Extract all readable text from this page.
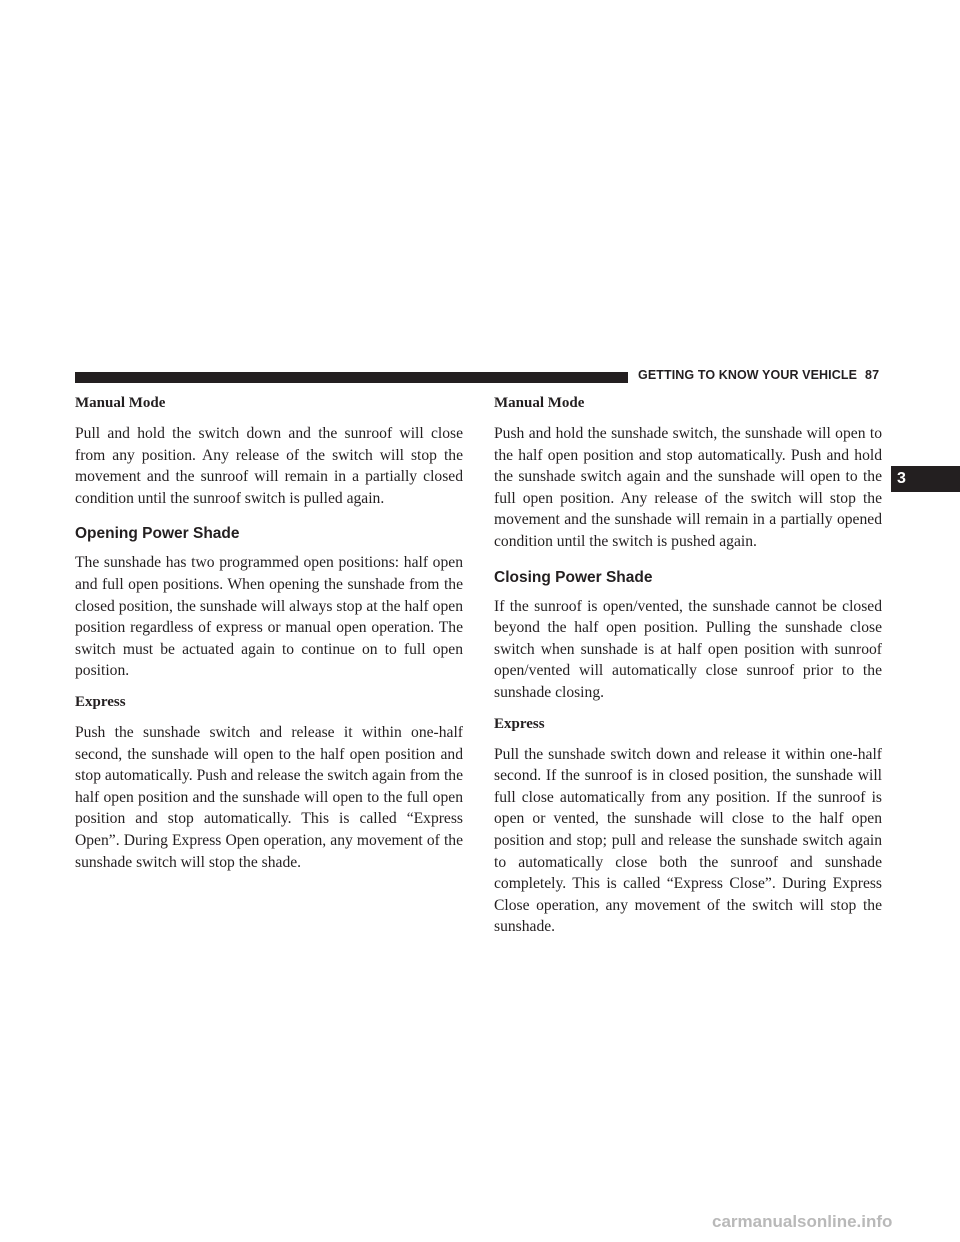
GETTING TO KNOW YOUR VEHICLE 87
3

Manual Mode

Pull and hold the switch down and the sunroof will close from any position. Any release of the switch will stop the movement and the sunroof will remain in a partially closed condition until the sunroof switch is pulled again.

Opening Power Shade

The sunshade has two programmed open positions: half open and full open positions. When opening the sunshade from the closed position, the sunshade will always stop at the half open position regardless of express or manual open operation. The switch must be actuated again to continue on to full open position.

Express

Push the sunshade switch and release it within one-half second, the sunshade will open to the half open position and stop automatically. Push and release the switch again from the half open position and the sunshade will open to the full open position and stop automatically. This is called “Express Open”. During Express Open operation, any movement of the sunshade switch will stop the shade.

Manual Mode

Push and hold the sunshade switch, the sunshade will open to the half open position and stop automatically. Push and hold the sunshade switch again and the sunshade will open to the full open position. Any release of the switch will stop the movement and the sunshade will remain in a partially opened condition until the switch is pushed again.

Closing Power Shade

If the sunroof is open/vented, the sunshade cannot be closed beyond the half open position. Pulling the sunshade close switch when sunshade is at half open position with sunroof open/vented will automatically close sunroof prior to the sunshade closing.

Express

Pull the sunshade switch down and release it within one-half second. If the sunroof is in closed position, the sunshade will full close automatically from any position. If the sunroof is open or vented, the sunshade will close to the half open position and stop; pull and release the sunshade switch again to automatically close both the sunroof and sunshade completely. This is called “Express Close”. During Express Close operation, any movement of the switch will stop the sunshade.

carmanualsonline.info
